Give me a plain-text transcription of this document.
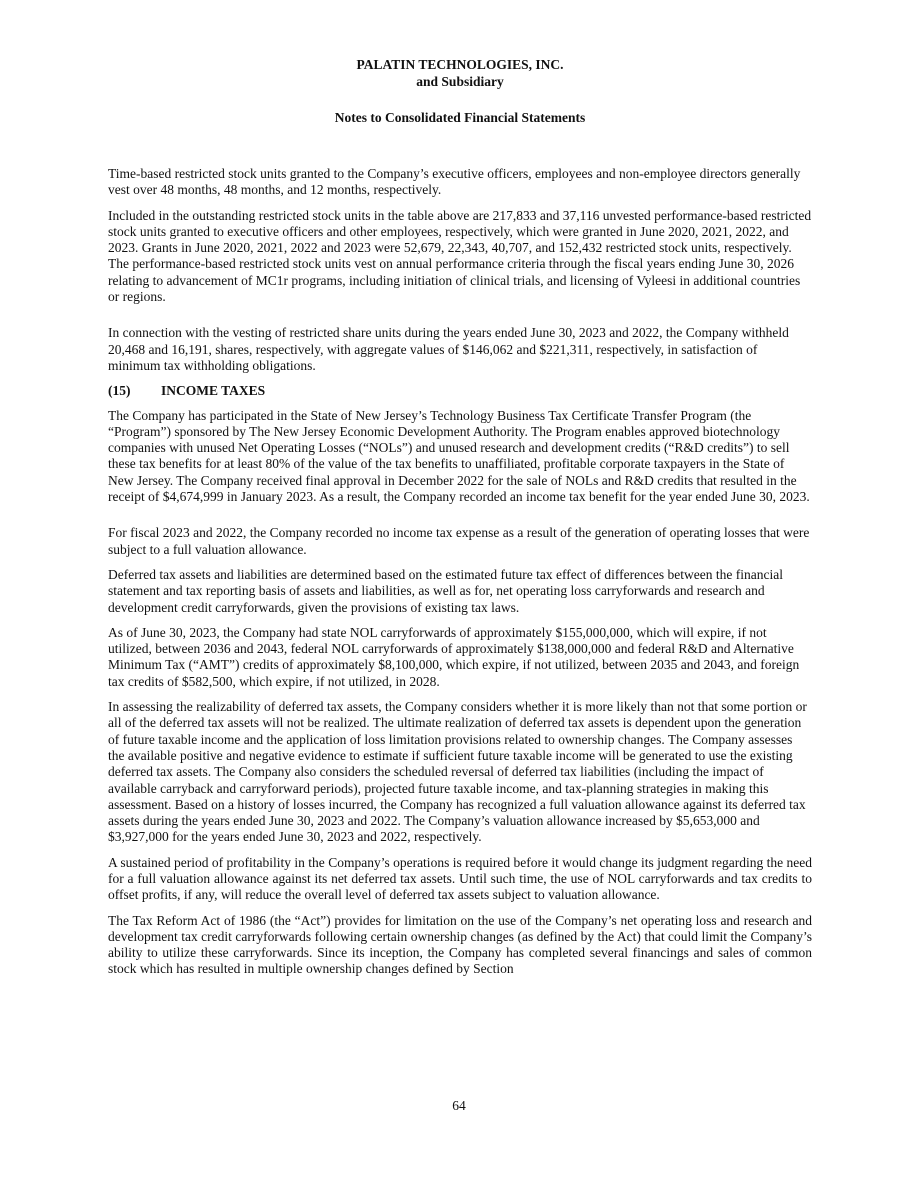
PALATIN TECHNOLOGIES, INC.
and Subsidiary
Notes to Consolidated Financial Statements

Time-based restricted stock units granted to the Company’s executive officers, employees and non-employee directors generally vest over 48 months, 48 months, and 12 months, respectively.

Included in the outstanding restricted stock units in the table above are 217,833 and 37,116 unvested performance-based restricted stock units granted to executive officers and other employees, respectively, which were granted in June 2020, 2021, 2022, and 2023. Grants in June 2020, 2021, 2022 and 2023 were 52,679, 22,343, 40,707, and 152,432 restricted stock units, respectively. The performance-based restricted stock units vest on annual performance criteria through the fiscal years ending June 30, 2026 relating to advancement of MC1r programs, including initiation of clinical trials, and licensing of Vyleesi in additional countries or regions.

In connection with the vesting of restricted share units during the years ended June 30, 2023 and 2022, the Company withheld 20,468 and 16,191, shares, respectively, with aggregate values of $146,062 and $221,311, respectively, in satisfaction of minimum tax withholding obligations.

(15)	INCOME TAXES

The Company has participated in the State of New Jersey’s Technology Business Tax Certificate Transfer Program (the “Program”) sponsored by The New Jersey Economic Development Authority. The Program enables approved biotechnology companies with unused Net Operating Losses (“NOLs”) and unused research and development credits (“R&D credits”) to sell these tax benefits for at least 80% of the value of the tax benefits to unaffiliated, profitable corporate taxpayers in the State of New Jersey. The Company received final approval in December 2022 for the sale of NOLs and R&D credits that resulted in the receipt of $4,674,999 in January 2023. As a result, the Company recorded an income tax benefit for the year ended June 30, 2023.

For fiscal 2023 and 2022, the Company recorded no income tax expense as a result of the generation of operating losses that were subject to a full valuation allowance.

Deferred tax assets and liabilities are determined based on the estimated future tax effect of differences between the financial statement and tax reporting basis of assets and liabilities, as well as for, net operating loss carryforwards and research and development credit carryforwards, given the provisions of existing tax laws.

As of June 30, 2023, the Company had state NOL carryforwards of approximately $155,000,000, which will expire, if not utilized, between 2036 and 2043, federal NOL carryforwards of approximately $138,000,000 and federal R&D and Alternative Minimum Tax (“AMT”) credits of approximately $8,100,000, which expire, if not utilized, between 2035 and 2043, and foreign tax credits of $582,500, which expire, if not utilized, in 2028.

In assessing the realizability of deferred tax assets, the Company considers whether it is more likely than not that some portion or all of the deferred tax assets will not be realized. The ultimate realization of deferred tax assets is dependent upon the generation of future taxable income and the application of loss limitation provisions related to ownership changes. The Company assesses the available positive and negative evidence to estimate if sufficient future taxable income will be generated to use the existing deferred tax assets. The Company also considers the scheduled reversal of deferred tax liabilities (including the impact of available carryback and carryforward periods), projected future taxable income, and tax-planning strategies in making this assessment. Based on a history of losses incurred, the Company has recognized a full valuation allowance against its deferred tax assets during the years ended June 30, 2023 and 2022. The Company’s valuation allowance increased by $5,653,000 and $3,927,000 for the years ended June 30, 2023 and 2022, respectively.

A sustained period of profitability in the Company’s operations is required before it would change its judgment regarding the need for a full valuation allowance against its net deferred tax assets. Until such time, the use of NOL carryforwards and tax credits to offset profits, if any, will reduce the overall level of deferred tax assets subject to valuation allowance.

The Tax Reform Act of 1986 (the “Act”) provides for limitation on the use of the Company’s net operating loss and research and development tax credit carryforwards following certain ownership changes (as defined by the Act) that could limit the Company’s ability to utilize these carryforwards. Since its inception, the Company has completed several financings and sales of common stock which has resulted in multiple ownership changes defined by Section

64
